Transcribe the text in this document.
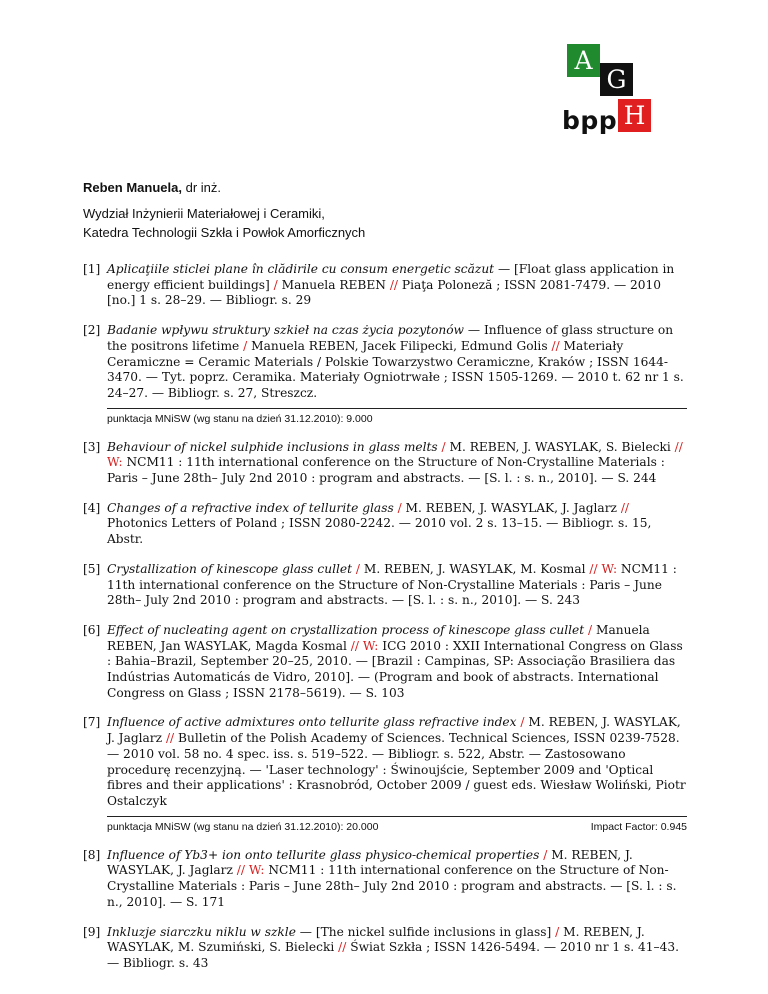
A
G
H
bpp
Reben Manuela, dr inż.
Wydział Inżynierii Materiałowej i Ceramiki,
Katedra Technologii Szkła i Powłok Amorficznych
[1] Aplicaţiile sticlei plane în clădirile cu consum energetic scăzut — [Float glass application in energy efficient buildings] / Manuela REBEN // Piaţa Poloneză ; ISSN 2081-7479. — 2010 [no.] 1 s. 28–29. — Bibliogr. s. 29
[2] Badanie wpływu struktury szkieł na czas życia pozytonów — Influence of glass structure on the positrons lifetime / Manuela REBEN, Jacek Filipecki, Edmund Golis // Materiały Ceramiczne = Ceramic Materials / Polskie Towarzystwo Ceramiczne, Kraków ; ISSN 1644-3470. — Tyt. poprz. Ceramika. Materiały Ogniotrwałe ; ISSN 1505-1269. — 2010 t. 62 nr 1 s. 24–27. — Bibliogr. s. 27, Streszcz.
punktacja MNiSW (wg stanu na dzień 31.12.2010): 9.000
[3] Behaviour of nickel sulphide inclusions in glass melts / M. REBEN, J. WASYLAK, S. Bielecki // W: NCM11 : 11th international conference on the Structure of Non-Crystalline Materials : Paris – June 28th– July 2nd 2010 : program and abstracts. — [S. l. : s. n., 2010]. — S. 244
[4] Changes of a refractive index of tellurite glass / M. REBEN, J. WASYLAK, J. Jaglarz // Photonics Letters of Poland ; ISSN 2080-2242. — 2010 vol. 2 s. 13–15. — Bibliogr. s. 15, Abstr.
[5] Crystallization of kinescope glass cullet / M. REBEN, J. WASYLAK, M. Kosmal // W: NCM11 : 11th international conference on the Structure of Non-Crystalline Materials : Paris – June 28th– July 2nd 2010 : program and abstracts. — [S. l. : s. n., 2010]. — S. 243
[6] Effect of nucleating agent on crystallization process of kinescope glass cullet / Manuela REBEN, Jan WASYLAK, Magda Kosmal // W: ICG 2010 : XXII International Congress on Glass : Bahia–Brazil, September 20–25, 2010. — [Brazil : Campinas, SP: Associação Brasiliera das Indústrias Automaticás de Vidro, 2010]. — (Program and book of abstracts. International Congress on Glass ; ISSN 2178–5619). — S. 103
[7] Influence of active admixtures onto tellurite glass refractive index / M. REBEN, J. WASYLAK, J. Jaglarz // Bulletin of the Polish Academy of Sciences. Technical Sciences, ISSN 0239-7528. — 2010 vol. 58 no. 4 spec. iss. s. 519–522. — Bibliogr. s. 522, Abstr. — Zastosowano procedurę recenzyjną. — 'Laser technology' : Świnoujście, September 2009 and 'Optical fibres and their applications' : Krasnobród, October 2009 / guest eds. Wiesław Woliński, Piotr Ostalczyk
punktacja MNiSW (wg stanu na dzień 31.12.2010): 20.000	Impact Factor: 0.945
[8] Influence of Yb3+ ion onto tellurite glass physico-chemical properties / M. REBEN, J. WASYLAK, J. Jaglarz // W: NCM11 : 11th international conference on the Structure of Non-Crystalline Materials : Paris – June 28th– July 2nd 2010 : program and abstracts. — [S. l. : s. n., 2010]. — S. 171
[9] Inkluzje siarczku niklu w szkle — [The nickel sulfide inclusions in glass] / M. REBEN, J. WASYLAK, M. Szumiński, S. Bielecki // Świat Szkła ; ISSN 1426-5494. — 2010 nr 1 s. 41–43. — Bibliogr. s. 43
